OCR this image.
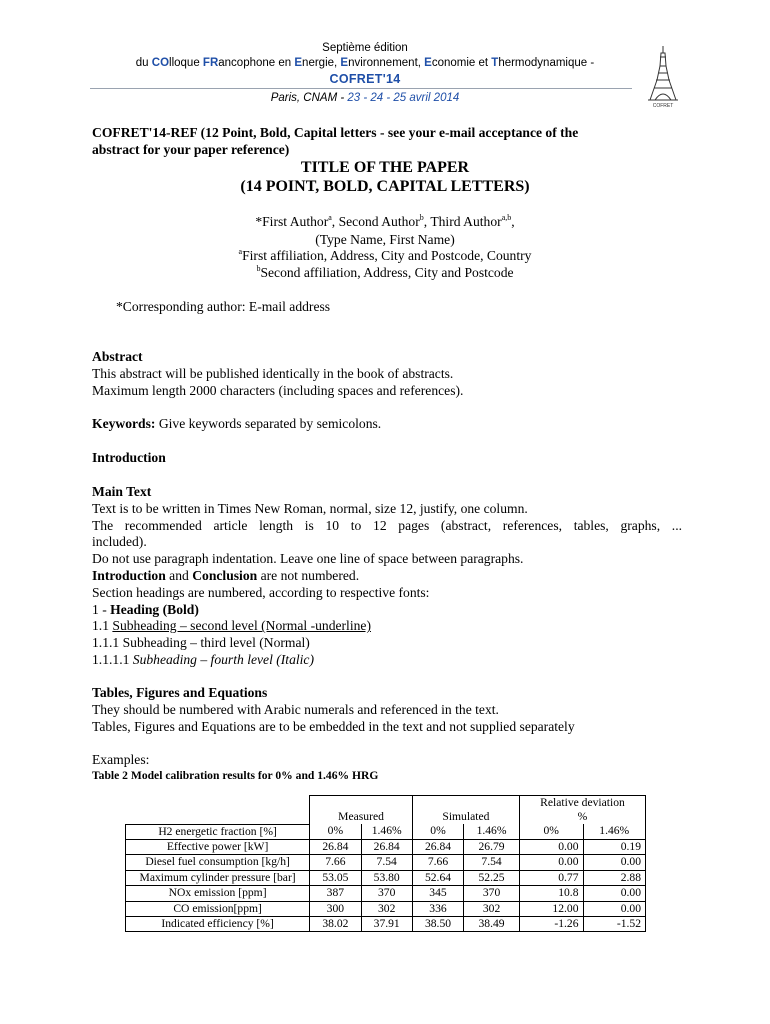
Septième édition
du COlloque FRancophone en Energie, Environnement, Economie et Thermodynamique -
COFRET'14
Paris, CNAM - 23 - 24 - 25 avril 2014
COFRET
COFRET'14-REF (12 Point, Bold, Capital letters - see your e-mail acceptance of the
abstract for your paper reference)
TITLE OF THE PAPER
(14 POINT, BOLD, CAPITAL LETTERS)
*First Author$^a$, Second Author$^b$, Third Author$^{a,b}$,
(Type Name, First Name)
$^a$First affiliation, Address, City and Postcode, Country
$^b$Second affiliation, Address, City and Postcode
*Corresponding author: E-mail address
Abstract
This abstract will be published identically in the book of abstracts.
Maximum length 2000 characters (including spaces and references).
Keywords: Give keywords separated by semicolons.
Introduction
Main Text
Text is to be written in Times New Roman, normal, size 12, justify, one column.
The recommended article length is 10 to 12 pages (abstract, references, tables, graphs, ...
included).
Do not use paragraph indentation. Leave one line of space between paragraphs.
Introduction and Conclusion are not numbered.
Section headings are numbered, according to respective fonts:
1 - Heading (Bold)
1.1 Subheading – second level (Normal -underline)
1.1.1 Subheading – third level (Normal)
1.1.1.1 Subheading – fourth level (Italic)
Tables, Figures and Equations
They should be numbered with Arabic numerals and referenced in the text.
Tables, Figures and Equations are to be embedded in the text and not supplied separately
Examples:
Table 2 Model calibration results for 0% and 1.46% HRG
	Measured		Simulated		Relative deviation
%	
H2 energetic fraction [%]	0%	1.46%	0%	1.46%	0%	1.46%
Effective power [kW]	26.84	26.84	26.84	26.79	0.00	0.19
Diesel fuel consumption [kg/h]	7.66	7.54	7.66	7.54	0.00	0.00
Maximum cylinder pressure [bar]	53.05	53.80	52.64	52.25	0.77	2.88
NOx emission [ppm]	387	370	345	370	10.8	0.00
CO emission[ppm]	300	302	336	302	12.00	0.00
Indicated efficiency [%]	38.02	37.91	38.50	38.49	-1.26	-1.52
